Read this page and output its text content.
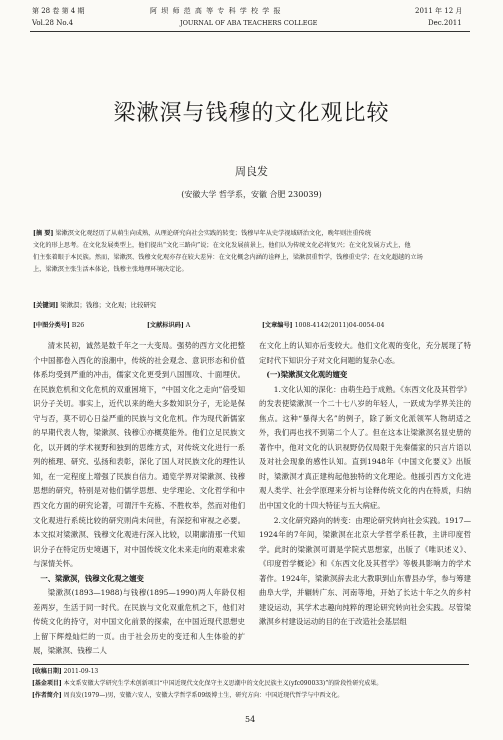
第 28 卷 第 4 期	阿 坝 师 范 高 等 专 科 学 校 学 报	2011 年 12 月
Vol.28 No.4	JOURNAL OF ABA TEACHERS COLLEGE	Dec.2011
梁漱溟与钱穆的文化观比较
周良发
(安徽大学 哲学系，安徽 合肥 230039)
[摘 要] 梁漱溟文化观经历了从萌生向成熟，从理论研究向社会实践的转变；钱穆早年从史学视域研治文化，晚年则注重传统
文化的形上思考。在文化发展类型上，他们提出“文化三路向”说；在文化发展前景上，他们认为传统文化必将复兴；在文化发展方式上，他
们主张着眼于本民族。然而，梁漱溟、钱穆文化观亦存在较大差异：在文化概念内涵的诠释上，梁漱溟重哲学，钱穆重史学；在文化超越的立场
上，梁漱溟主张生活本体论，钱穆主张地理环境决定论。
[关键词] 梁漱溟；钱穆；文化观；比较研究
[中图分类号] B26	[文献标识码] A	[文章编号] 1008-4142(2011)04-0054-04

清末民初，诚然是数千年之一大变局。强势的西方文化把整个中国都卷入西化的浪潮中，传统的社会观念、意识形态和价值体系均受到严重的冲击，儒家文化更受到八国围攻、十面埋伏。在民族危机和文化危机的双重困境下，“中国文化之走向”倍受知识分子关切。事实上，近代以来的绝大多数知识分子，无论是保守与否，莫不切心日益严重的民族与文化危机。作为现代新儒家的早期代表人物，梁漱溟、钱穆①亦概莫能外。他们立足民族文化，以开阔的学术视野和独到的思维方式，对传统文化进行一系列的梳理、研究、弘扬和表彰，深化了国人对民族文化的理性认知，在一定程度上增强了民族自信力。通览学界对梁漱溟、钱穆思想的研究，特别是对他们儒学思想、史学理论、文化哲学和中西文化方面的研究论著，可谓汗牛充栋、不胜枚举，然而对他们文化观进行系统比较的研究则尚未问世，有深挖和审视之必要。本文拟对梁漱溟、钱穆文化观进行深入比较，以期廓清那一代知识分子在特定历史境遇下，对中国传统文化未来走向的艰难求索与深情关怀。

一、梁漱溟，钱穆文化观之嬗变

梁漱溟(1893—1988)与钱穆(1895—1990)两人年龄仅相差两岁，生活于同一时代。在民族与文化双重危机之下，他们对传统文化的持守，对中国文化前景的探索，在中国近现代思想史上留下辉煌灿烂的一页。由于社会历史的变迁和人生体验的扩展，梁漱溟、钱穆二人

在文化上的认知亦后变较大。他们文化观的变化，充分展现了特定时代下知识分子对文化问题的复杂心态。

(一)梁漱溟文化观的嬗变

1.文化认知的深化：由萌生趋于成熟。《东西文化及其哲学》的发表使梁漱溟一个二十七八岁的年轻人，一跃成为学界关注的焦点。这种“暴得大名”的例子，除了新文化派领军人物胡适之外，我们再也找不到第二个人了。但在这本让梁漱溟名显史册的著作中，他对文化的认识视野仍仅局限于先秦儒家的只言片语以及对社会现象的感性认知。直到1948年《中国文化要义》出版时，梁漱溟才真正建构起他独特的文化理论。他援引西方文化进观人类学、社会学原理来分析与诠释传统文化的内在特质，归纳出中国文化的十四大特征与五大病症。

2.文化研究路向的转变：由理论研究转向社会实践。1917—1924年的7年间，梁漱溟在北京大学哲学系任教，主讲印度哲学。此时的梁漱溟可谓是学院式思想家，出版了《唯识述义》、《印度哲学概论》和《东西文化及其哲学》等极具影响力的学术著作。1924年，梁漱溟辞去北大教职到山东曹县办学，参与筹建曲阜大学，并辗转广东、河南等地，开始了长达十年之久的乡村建设运动，其学术志趣向纯粹的理论研究转向社会实践。尽管梁漱溟乡村建设运动的目的在于改造社会基层组

[收稿日期] 2011-09-13
[基金项目] 本文系安徽大学研究生学术创新项目“中国近现代文化保守主义思潮中的文化民族主义(yfc090033)”的阶段性研究成果。
[作者简介] 周良发(1979—)男，安徽六安人，安徽大学哲学系09级博士生，研究方向：中国近现代哲学与中西文化。
54
